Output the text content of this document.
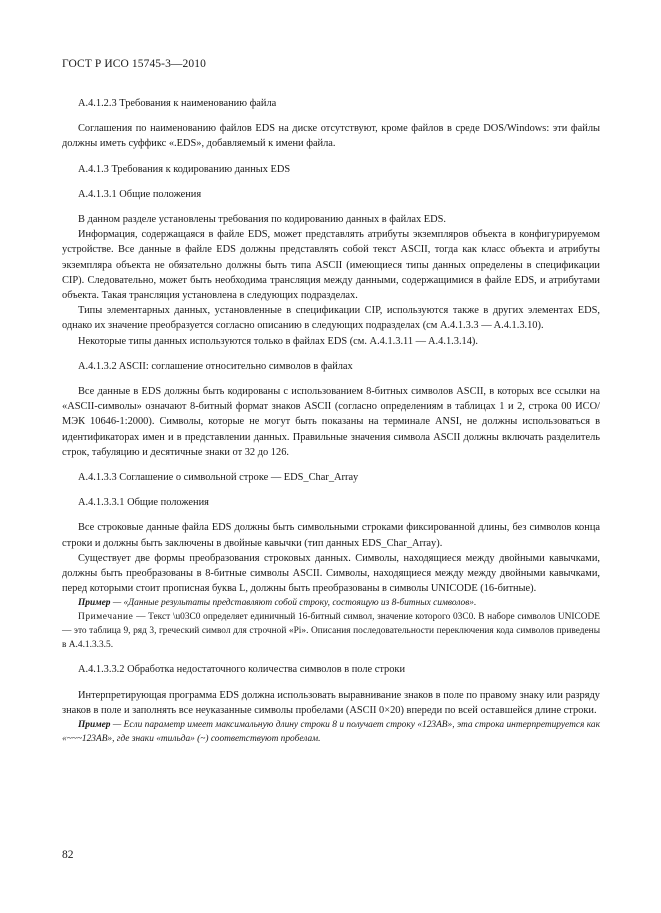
ГОСТ Р ИСО 15745-3—2010

A.4.1.2.3 Требования к наименованию файла

Соглашения по наименованию файлов EDS на диске отсутствуют, кроме файлов в среде DOS/Windows: эти файлы должны иметь суффикс «.EDS», добавляемый к имени файла.

A.4.1.3 Требования к кодированию данных EDS

A.4.1.3.1 Общие положения

В данном разделе установлены требования по кодированию данных в файлах EDS.

Информация, содержащаяся в файле EDS, может представлять атрибуты экземпляров объекта в конфигурируемом устройстве. Все данные в файле EDS должны представлять собой текст ASCII, тогда как класс объекта и атрибуты экземпляра объекта не обязательно должны быть типа ASCII (имеющиеся типы данных определены в спецификации CIP). Следовательно, может быть необходима трансляция между данными, содержащимися в файле EDS, и атрибутами объекта. Такая трансляция установлена в следующих подразделах.

Типы элементарных данных, установленные в спецификации CIP, используются также в других элементах EDS, однако их значение преобразуется согласно описанию в следующих подразделах (см A.4.1.3.3 — A.4.1.3.10).

Некоторые типы данных используются только в файлах EDS (см. A.4.1.3.11 — A.4.1.3.14).

A.4.1.3.2 ASCII: соглашение относительно символов в файлах

Все данные в EDS должны быть кодированы с использованием 8-битных символов ASCII, в которых все ссылки на «ASCII-символы» означают 8-битный формат знаков ASCII (согласно определениям в таблицах 1 и 2, строка 00 ИСО/МЭК 10646-1:2000). Символы, которые не могут быть показаны на терминале ANSI, не должны использоваться в идентификаторах имен и в представлении данных. Правильные значения символа ASCII должны включать разделитель строк, табуляцию и десятичные знаки от 32 до 126.

A.4.1.3.3 Соглашение о символьной строке — EDS_Char_Array

A.4.1.3.3.1 Общие положения

Все строковые данные файла EDS должны быть символьными строками фиксированной длины, без символов конца строки и должны быть заключены в двойные кавычки (тип данных EDS_Char_Array).

Существует две формы преобразования строковых данных. Символы, находящиеся между двойными кавычками, должны быть преобразованы в 8-битные символы ASCII. Символы, находящиеся между между двойными кавычками, перед которыми стоит прописная буква L, должны быть преобразованы в символы UNICODE (16-битные).

Пример — «Данные результаты представляют собой строку, состоящую из 8-битных символов».

Примечание — Текст \u03C0 определяет единичный 16-битный символ, значение которого 03C0. В наборе символов UNICODE — это таблица 9, ряд 3, греческий символ для строчной «Pi». Описания последовательности переключения кода символов приведены в A.4.1.3.3.5.

A.4.1.3.3.2 Обработка недостаточного количества символов в поле строки

Интерпретирующая программа EDS должна использовать выравнивание знаков в поле по правому знаку или разряду знаков в поле и заполнять все неуказанные символы пробелами (ASCII 0×20) впереди по всей оставшейся длине строки.

Пример — Если параметр имеет максимальную длину строки 8 и получает строку «123AB», эта строка интерпретируется как «~~~123AB», где знаки «тильда» (~) соответствуют пробелам.

82
